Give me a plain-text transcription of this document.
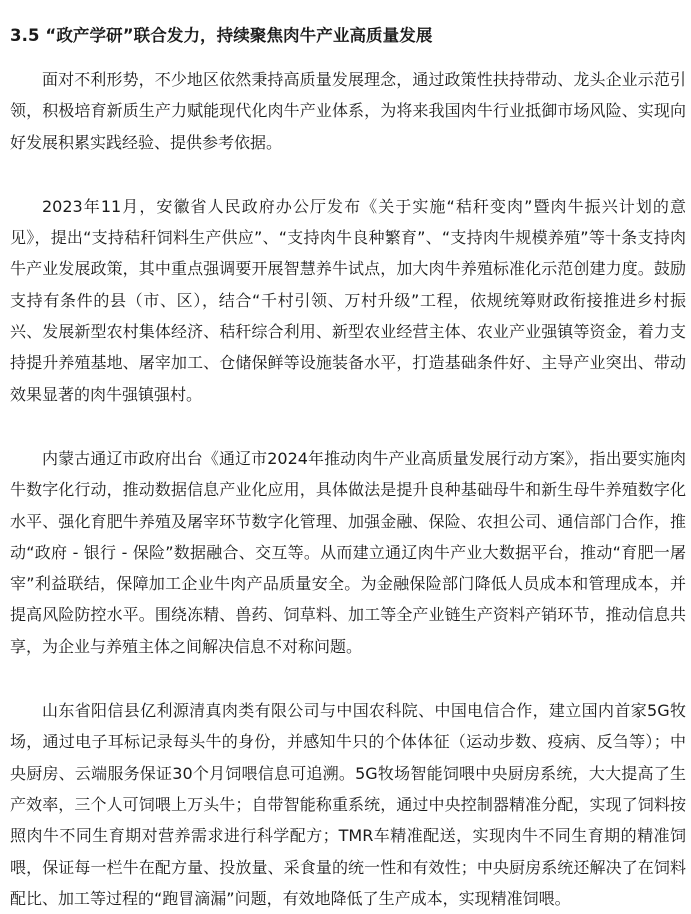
3.5 “政产学研”联合发力，持续聚焦肉牛产业高质量发展

面对不利形势，不少地区依然秉持高质量发展理念，通过政策性扶持带动、龙头企业示范引领，积极培育新质生产力赋能现代化肉牛产业体系，为将来我国肉牛行业抵御市场风险、实现向好发展积累实践经验、提供参考依据。

2023年11月，安徽省人民政府办公厅发布《关于实施“秸秆变肉”暨肉牛振兴计划的意见》，提出“支持秸秆饲料生产供应”、“支持肉牛良种繁育”、“支持肉牛规模养殖”等十条支持肉牛产业发展政策，其中重点强调要开展智慧养牛试点，加大肉牛养殖标准化示范创建力度。鼓励支持有条件的县（市、区），结合“千村引领、万村升级”工程，依规统筹财政衔接推进乡村振兴、发展新型农村集体经济、秸秆综合利用、新型农业经营主体、农业产业强镇等资金，着力支持提升养殖基地、屠宰加工、仓储保鲜等设施装备水平，打造基础条件好、主导产业突出、带动效果显著的肉牛强镇强村。

内蒙古通辽市政府出台《通辽市2024年推动肉牛产业高质量发展行动方案》，指出要实施肉牛数字化行动，推动数据信息产业化应用，具体做法是提升良种基础母牛和新生母牛养殖数字化水平、强化育肥牛养殖及屠宰环节数字化管理、加强金融、保险、农担公司、通信部门合作，推动“政府 - 银行 - 保险”数据融合、交互等。从而建立通辽肉牛产业大数据平台，推动“育肥一屠宰”利益联结，保障加工企业牛肉产品质量安全。为金融保险部门降低人员成本和管理成本，并提高风险防控水平。围绕冻精、兽药、饲草料、加工等全产业链生产资料产销环节，推动信息共享，为企业与养殖主体之间解决信息不对称问题。

山东省阳信县亿利源清真肉类有限公司与中国农科院、中国电信合作，建立国内首家5G牧场，通过电子耳标记录每头牛的身份，并感知牛只的个体体征（运动步数、疫病、反刍等）；中央厨房、云端服务保证30个月饲喂信息可追溯。5G牧场智能饲喂中央厨房系统，大大提高了生产效率，三个人可饲喂上万头牛；自带智能称重系统，通过中央控制器精准分配，实现了饲料按照肉牛不同生育期对营养需求进行科学配方；TMR车精准配送，实现肉牛不同生育期的精准饲喂，保证每一栏牛在配方量、投放量、采食量的统一性和有效性；中央厨房系统还解决了在饲料配比、加工等过程的“跑冒滴漏”问题，有效地降低了生产成本，实现精准饲喂。
